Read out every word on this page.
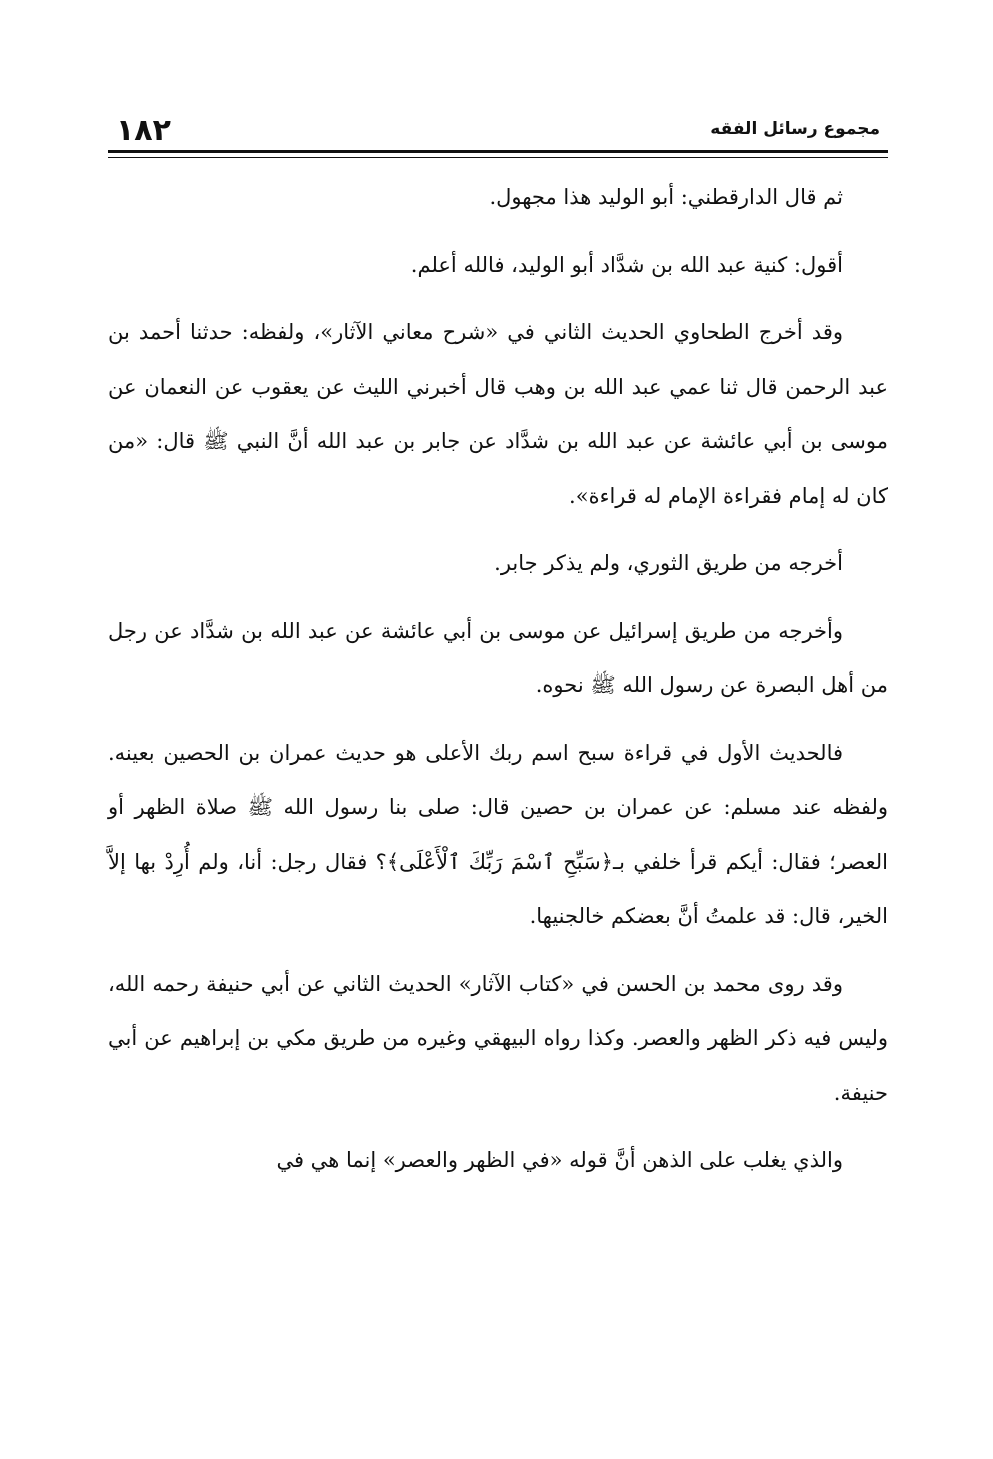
١٨٢	مجموع رسائل الفقه

ثم قال الدارقطني: أبو الوليد هذا مجهول.

أقول: كنية عبد الله بن شدَّاد أبو الوليد، فالله أعلم.

وقد أخرج الطحاوي الحديث الثاني في «شرح معاني الآثار»، ولفظه: حدثنا أحمد بن عبد الرحمن قال ثنا عمي عبد الله بن وهب قال أخبرني الليث عن يعقوب عن النعمان عن موسى بن أبي عائشة عن عبد الله بن شدَّاد عن جابر بن عبد الله أنَّ النبي ﷺ قال: «من كان له إمام فقراءة الإمام له قراءة».

أخرجه من طريق الثوري، ولم يذكر جابر.

وأخرجه من طريق إسرائيل عن موسى بن أبي عائشة عن عبد الله بن شدَّاد عن رجل من أهل البصرة عن رسول الله ﷺ نحوه.

فالحديث الأول في قراءة سبح اسم ربك الأعلى هو حديث عمران بن الحصين بعينه. ولفظه عند مسلم: عن عمران بن حصين قال: صلى بنا رسول الله ﷺ صلاة الظهر أو العصر؛ فقال: أيكم قرأ خلفي بـ﴿سَبِّحِ ٱسْمَ رَبِّكَ ٱلْأَعْلَى﴾؟ فقال رجل: أنا، ولم أُرِدْ بها إلاَّ الخير، قال: قد علمتُ أنَّ بعضكم خالجنيها.

وقد روى محمد بن الحسن في «كتاب الآثار» الحديث الثاني عن أبي حنيفة رحمه الله، وليس فيه ذكر الظهر والعصر. وكذا رواه البيهقي وغيره من طريق مكي بن إبراهيم عن أبي حنيفة.

والذي يغلب على الذهن أنَّ قوله «في الظهر والعصر» إنما هي في
